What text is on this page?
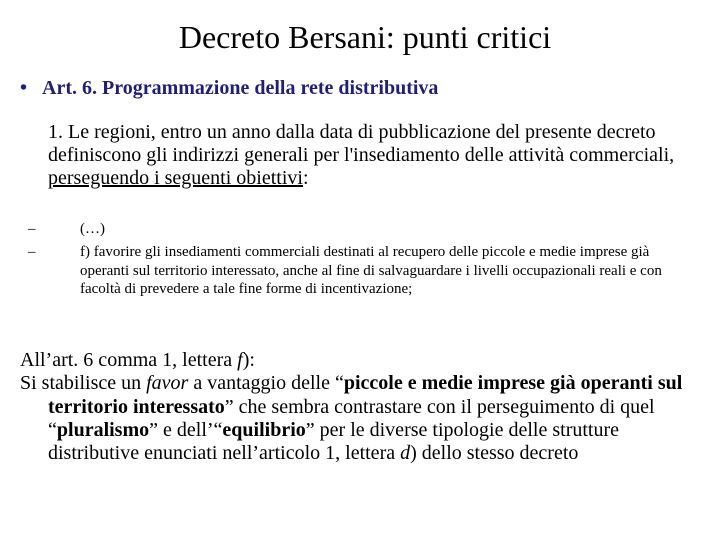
Decreto Bersani: punti critici
• Art. 6. Programmazione della rete distributiva
1. Le regioni, entro un anno dalla data di pubblicazione del presente decreto definiscono gli indirizzi generali per l'insediamento delle attività commerciali, perseguendo i seguenti obiettivi:
–	(…)
–	f) favorire gli insediamenti commerciali destinati al recupero delle piccole e medie imprese già operanti sul territorio interessato, anche al fine di salvaguardare i livelli occupazionali reali e con facoltà di prevedere a tale fine forme di incentivazione;
All’art. 6 comma 1, lettera f):
Si stabilisce un favor a vantaggio delle “piccole e medie imprese già operanti sul territorio interessato” che sembra contrastare con il perseguimento di quel “pluralismo” e dell’“equilibrio” per le diverse tipologie delle strutture distributive enunciati nell’articolo 1, lettera d) dello stesso decreto
